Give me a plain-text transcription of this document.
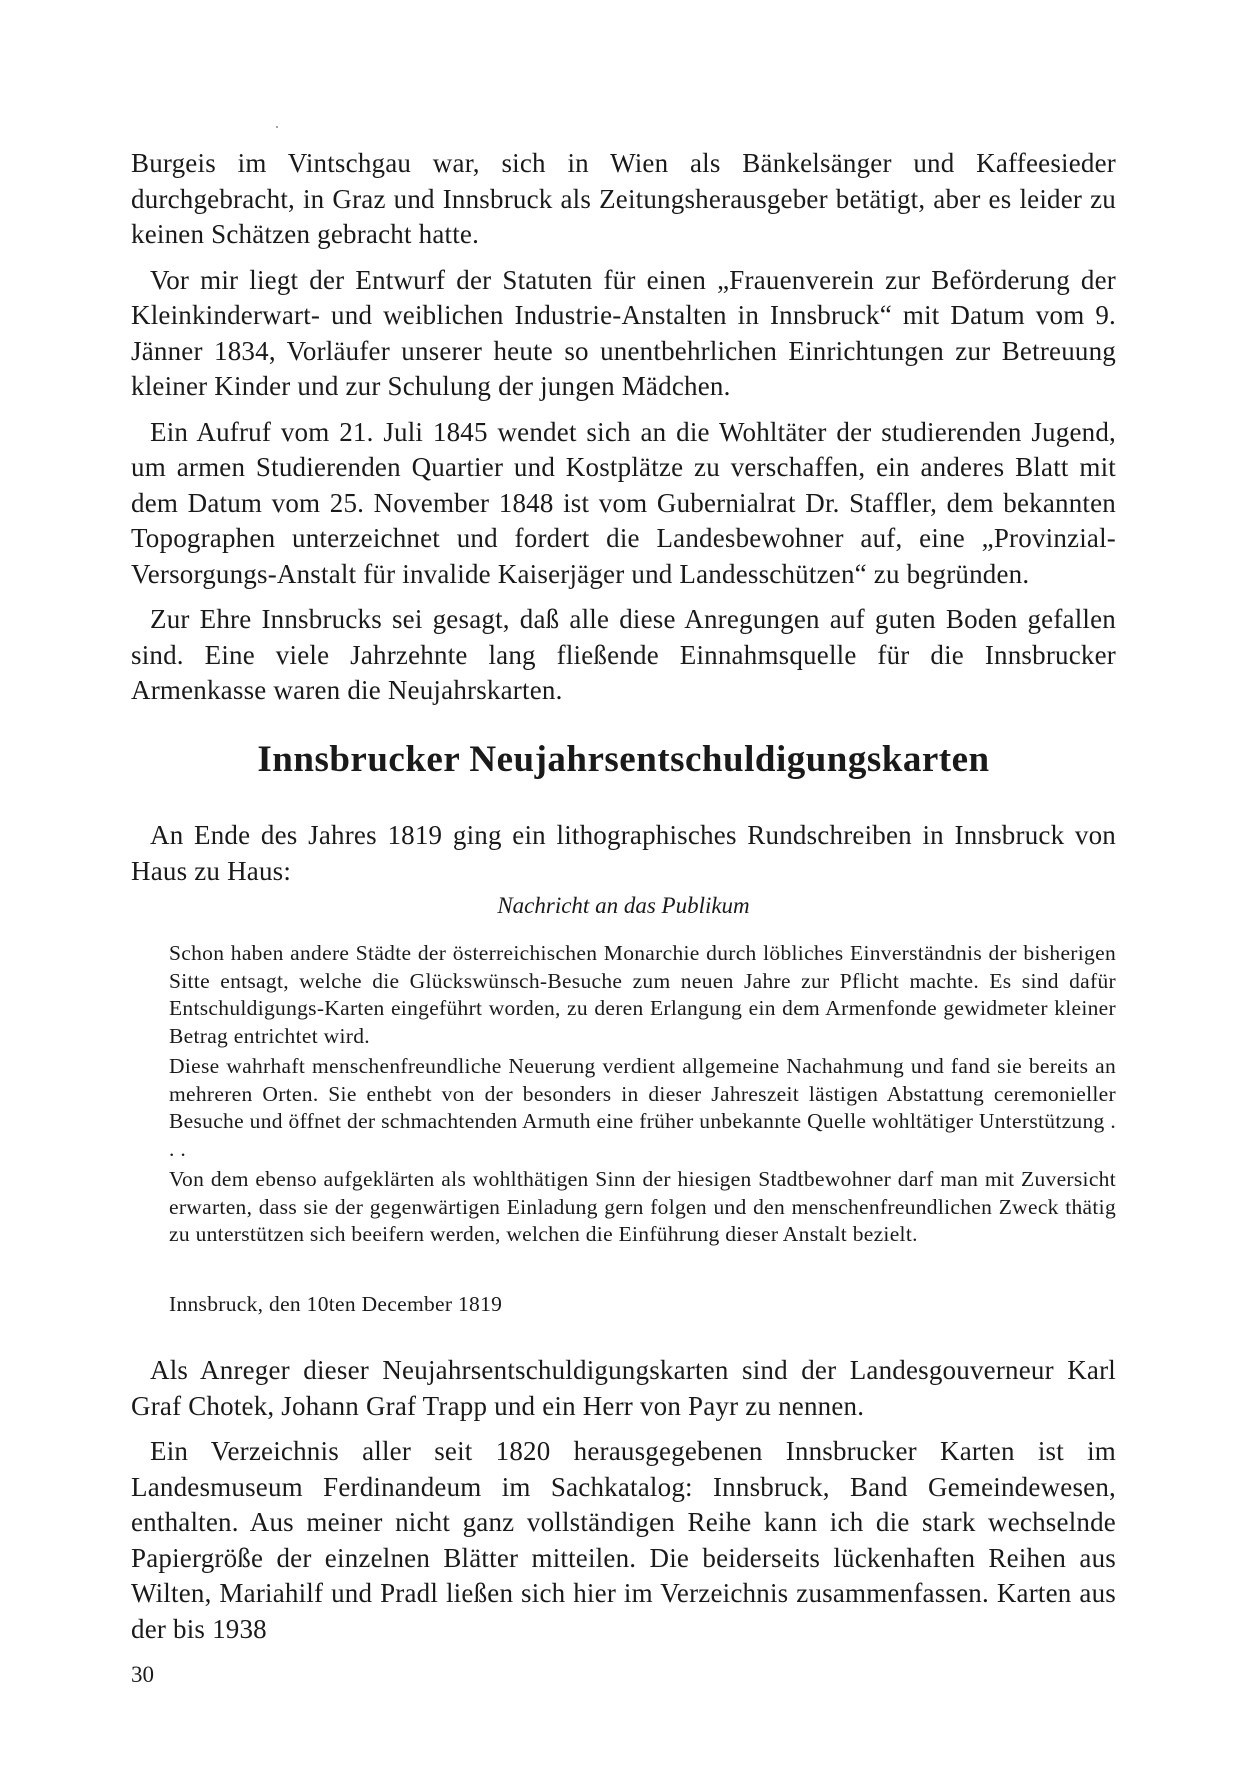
Burgeis im Vintschgau war, sich in Wien als Bänkelsänger und Kaffeesieder durchgebracht, in Graz und Innsbruck als Zeitungsherausgeber betätigt, aber es leider zu keinen Schätzen gebracht hatte.

Vor mir liegt der Entwurf der Statuten für einen „Frauenverein zur Beförderung der Kleinkinderwart- und weiblichen Industrie-Anstalten in Innsbruck“ mit Datum vom 9. Jänner 1834, Vorläufer unserer heute so unentbehrlichen Einrichtungen zur Betreuung kleiner Kinder und zur Schulung der jungen Mädchen.

Ein Aufruf vom 21. Juli 1845 wendet sich an die Wohltäter der studierenden Jugend, um armen Studierenden Quartier und Kostplätze zu verschaffen, ein anderes Blatt mit dem Datum vom 25. November 1848 ist vom Gubernialrat Dr. Staffler, dem bekannten Topographen unterzeichnet und fordert die Landesbewohner auf, eine „Provinzial-Versorgungs-Anstalt für invalide Kaiserjäger und Landesschützen“ zu begründen.

Zur Ehre Innsbrucks sei gesagt, daß alle diese Anregungen auf guten Boden gefallen sind. Eine viele Jahrzehnte lang fließende Einnahmsquelle für die Innsbrucker Armenkasse waren die Neujahrskarten.

Innsbrucker Neujahrsentschuldigungskarten

An Ende des Jahres 1819 ging ein lithographisches Rundschreiben in Innsbruck von Haus zu Haus:

Nachricht an das Publikum

Schon haben andere Städte der österreichischen Monarchie durch löbliches Einverständnis der bisherigen Sitte entsagt, welche die Glückswünsch-Besuche zum neuen Jahre zur Pflicht machte. Es sind dafür Entschuldigungs-Karten eingeführt worden, zu deren Erlangung ein dem Armenfonde gewidmeter kleiner Betrag entrichtet wird.

Diese wahrhaft menschenfreundliche Neuerung verdient allgemeine Nachahmung und fand sie bereits an mehreren Orten. Sie enthebt von der besonders in dieser Jahreszeit lästigen Abstattung ceremonieller Besuche und öffnet der schmachtenden Armuth eine früher unbekannte Quelle wohltätiger Unterstützung . . .

Von dem ebenso aufgeklärten als wohlthätigen Sinn der hiesigen Stadtbewohner darf man mit Zuversicht erwarten, dass sie der gegenwärtigen Einladung gern folgen und den menschenfreundlichen Zweck thätig zu unterstützen sich beeifern werden, welchen die Einführung dieser Anstalt bezielt.

Innsbruck, den 10ten December 1819

Als Anreger dieser Neujahrsentschuldigungskarten sind der Landesgouverneur Karl Graf Chotek, Johann Graf Trapp und ein Herr von Payr zu nennen.

Ein Verzeichnis aller seit 1820 herausgegebenen Innsbrucker Karten ist im Landesmuseum Ferdinandeum im Sachkatalog: Innsbruck, Band Gemeindewesen, enthalten. Aus meiner nicht ganz vollständigen Reihe kann ich die stark wechselnde Papiergröße der einzelnen Blätter mitteilen. Die beiderseits lückenhaften Reihen aus Wilten, Mariahilf und Pradl ließen sich hier im Verzeichnis zusammenfassen. Karten aus der bis 1938

30
